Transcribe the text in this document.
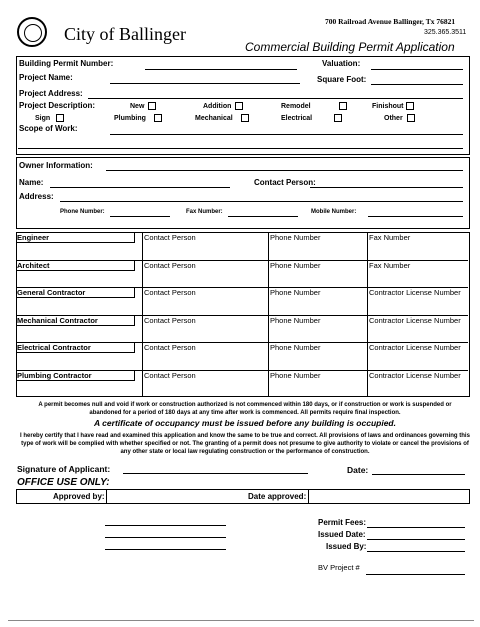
City of Ballinger
700 Railroad Avenue Ballinger, Tx 76821
325.365.3511
Commercial Building Permit Application
Building Permit Number:	Valuation:
Project Name:	Square Foot:
Project Address:
Project Description:	New	Addition	Remodel	Finishout
Sign	Plumbing	Mechanical	Electrical	Other
Scope of Work:
Owner Information:
Name:	Contact Person:
Address:
Phone Number:	Fax Number:	Mobile Number:
Engineer	Contact Person	Phone Number	Fax Number
Architect	Contact Person	Phone Number	Fax Number
General Contractor	Contact Person	Phone Number	Contractor License Number
Mechanical Contractor	Contact Person	Phone Number	Contractor License Number
Electrical Contractor	Contact Person	Phone Number	Contractor License Number
Plumbing Contractor	Contact Person	Phone Number	Contractor License Number
A permit becomes null and void if work or construction authorized is not commenced within 180 days, or if construction or work is suspended or abandoned for a period of 180 days at any time after work is commenced. All permits require final inspection.
A certificate of occupancy must be issued before any building is occupied.
I hereby certify that I have read and examined this application and know the same to be true and correct. All provisions of laws and ordinances governing this type of work will be complied with whether specified or not. The granting of a permit does not presume to give authority to violate or cancel the provisions of any other state or local law regulating construction or the performance of construction.
Signature of Applicant:	Date:
OFFICE USE ONLY:
Approved by:	Date approved:
Permit Fees:
Issued Date:
Issued By:
BV Project #
